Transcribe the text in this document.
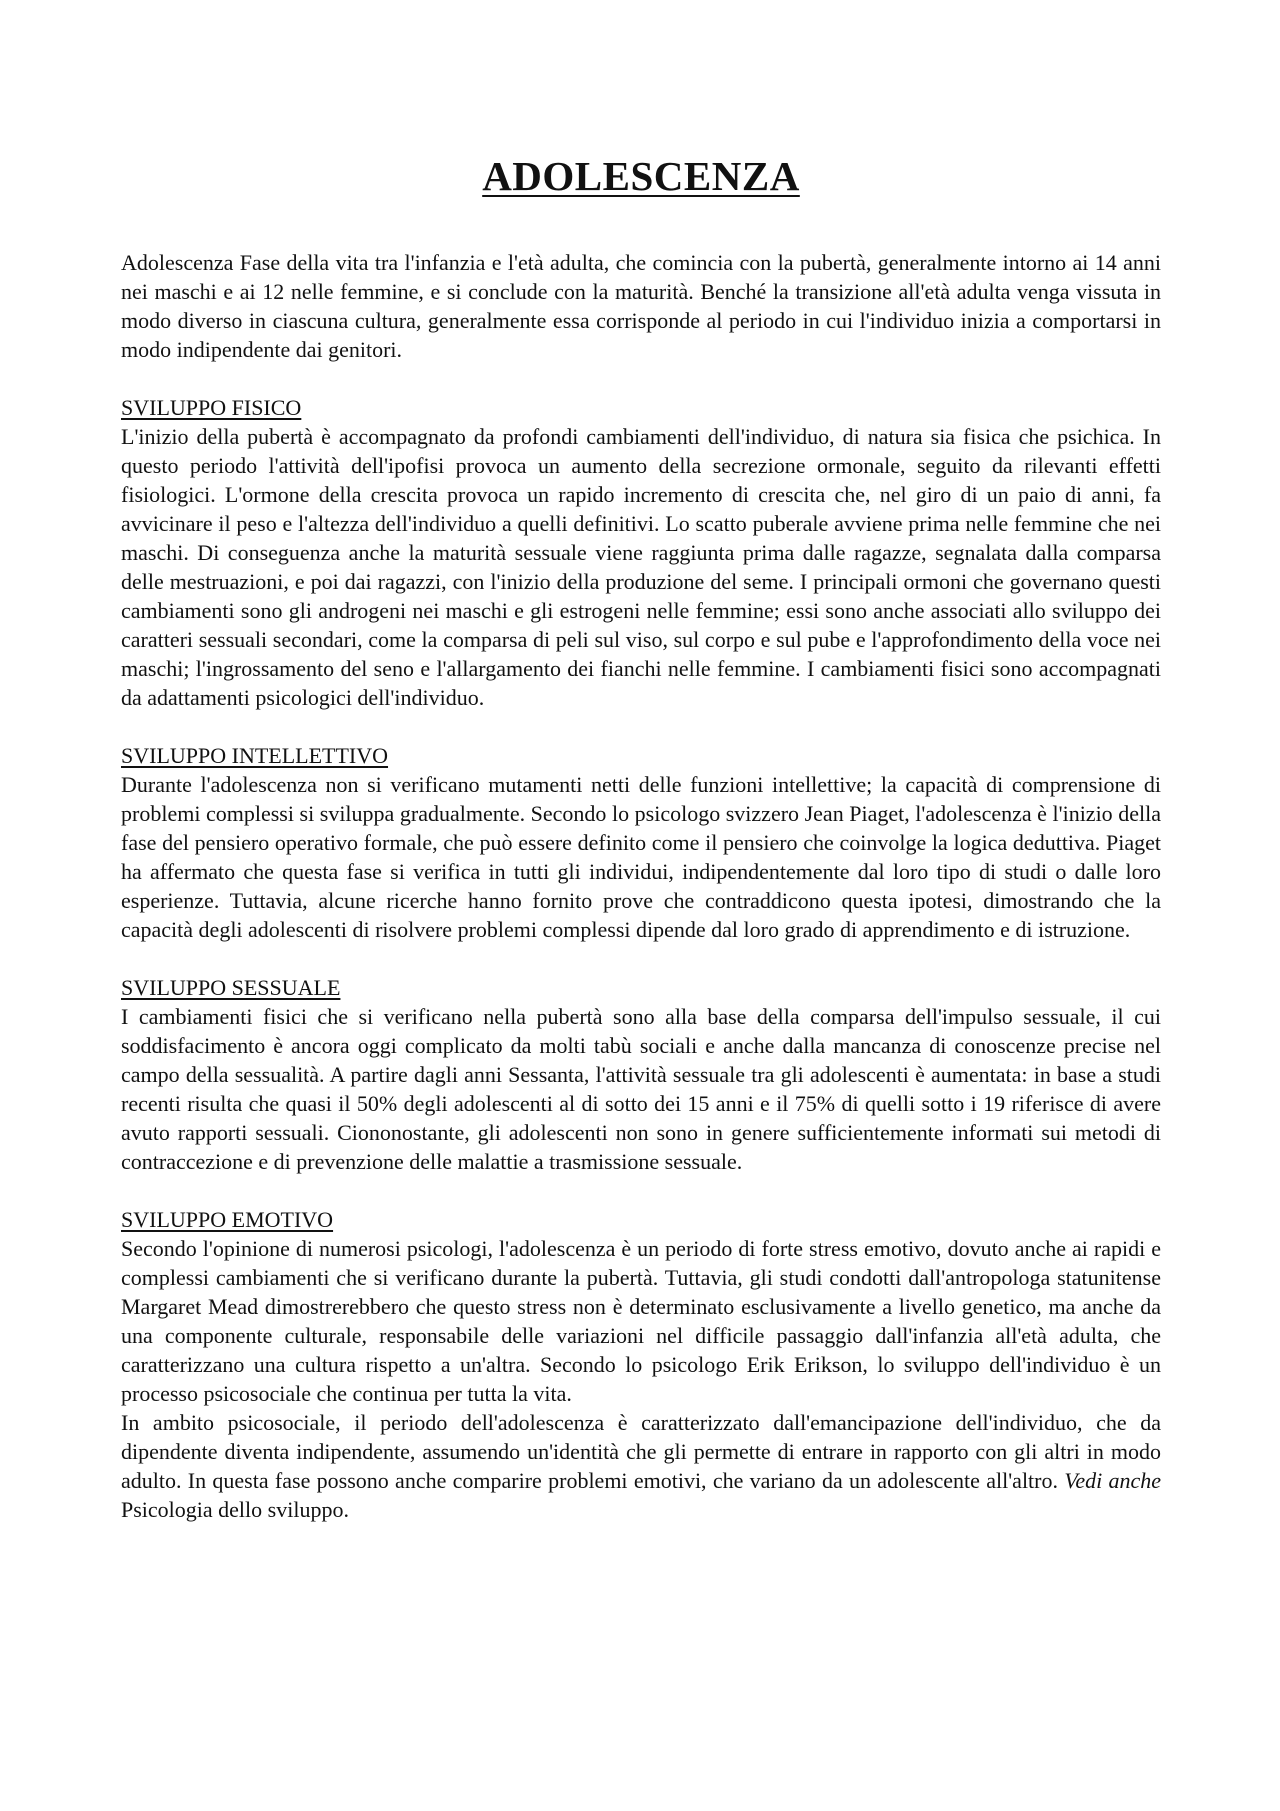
ADOLESCENZA

Adolescenza Fase della vita tra l'infanzia e l'età adulta, che comincia con la pubertà, generalmente intorno ai 14 anni nei maschi e ai 12 nelle femmine, e si conclude con la maturità. Benché la transizione all'età adulta venga vissuta in modo diverso in ciascuna cultura, generalmente essa corrisponde al periodo in cui l'individuo inizia a comportarsi in modo indipendente dai genitori.

SVILUPPO FISICO

L'inizio della pubertà è accompagnato da profondi cambiamenti dell'individuo, di natura sia fisica che psichica. In questo periodo l'attività dell'ipofisi provoca un aumento della secrezione ormonale, seguito da rilevanti effetti fisiologici. L'ormone della crescita provoca un rapido incremento di crescita che, nel giro di un paio di anni, fa avvicinare il peso e l'altezza dell'individuo a quelli definitivi. Lo scatto puberale avviene prima nelle femmine che nei maschi. Di conseguenza anche la maturità sessuale viene raggiunta prima dalle ragazze, segnalata dalla comparsa delle mestruazioni, e poi dai ragazzi, con l'inizio della produzione del seme. I principali ormoni che governano questi cambiamenti sono gli androgeni nei maschi e gli estrogeni nelle femmine; essi sono anche associati allo sviluppo dei caratteri sessuali secondari, come la comparsa di peli sul viso, sul corpo e sul pube e l'approfondimento della voce nei maschi; l'ingrossamento del seno e l'allargamento dei fianchi nelle femmine. I cambiamenti fisici sono accompagnati da adattamenti psicologici dell'individuo.

SVILUPPO INTELLETTIVO

Durante l'adolescenza non si verificano mutamenti netti delle funzioni intellettive; la capacità di comprensione di problemi complessi si sviluppa gradualmente. Secondo lo psicologo svizzero Jean Piaget, l'adolescenza è l'inizio della fase del pensiero operativo formale, che può essere definito come il pensiero che coinvolge la logica deduttiva. Piaget ha affermato che questa fase si verifica in tutti gli individui, indipendentemente dal loro tipo di studi o dalle loro esperienze. Tuttavia, alcune ricerche hanno fornito prove che contraddicono questa ipotesi, dimostrando che la capacità degli adolescenti di risolvere problemi complessi dipende dal loro grado di apprendimento e di istruzione.

SVILUPPO SESSUALE

I cambiamenti fisici che si verificano nella pubertà sono alla base della comparsa dell'impulso sessuale, il cui soddisfacimento è ancora oggi complicato da molti tabù sociali e anche dalla mancanza di conoscenze precise nel campo della sessualità. A partire dagli anni Sessanta, l'attività sessuale tra gli adolescenti è aumentata: in base a studi recenti risulta che quasi il 50% degli adolescenti al di sotto dei 15 anni e il 75% di quelli sotto i 19 riferisce di avere avuto rapporti sessuali. Ciononostante, gli adolescenti non sono in genere sufficientemente informati sui metodi di contraccezione e di prevenzione delle malattie a trasmissione sessuale.

SVILUPPO EMOTIVO

Secondo l'opinione di numerosi psicologi, l'adolescenza è un periodo di forte stress emotivo, dovuto anche ai rapidi e complessi cambiamenti che si verificano durante la pubertà. Tuttavia, gli studi condotti dall'antropologa statunitense Margaret Mead dimostrerebbero che questo stress non è determinato esclusivamente a livello genetico, ma anche da una componente culturale, responsabile delle variazioni nel difficile passaggio dall'infanzia all'età adulta, che caratterizzano una cultura rispetto a un'altra. Secondo lo psicologo Erik Erikson, lo sviluppo dell'individuo è un processo psicosociale che continua per tutta la vita.

In ambito psicosociale, il periodo dell'adolescenza è caratterizzato dall'emancipazione dell'individuo, che da dipendente diventa indipendente, assumendo un'identità che gli permette di entrare in rapporto con gli altri in modo adulto. In questa fase possono anche comparire problemi emotivi, che variano da un adolescente all'altro. Vedi anche Psicologia dello sviluppo.
